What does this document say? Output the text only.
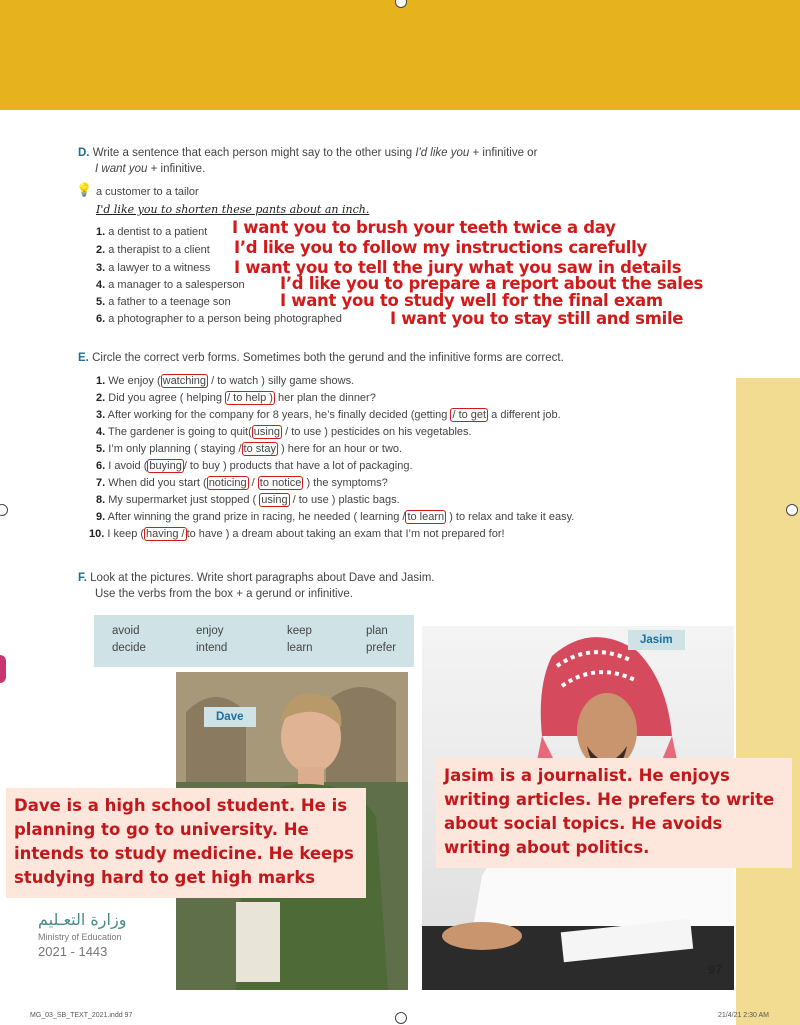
D. Write a sentence that each person might say to the other using I'd like you + infinitive or
I want you + infinitive.
💡 a customer to a tailor
I'd like you to shorten these pants about an inch.
1. a dentist to a patient I want you to brush your teeth twice a day
2. a therapist to a client I’d like you to follow my instructions carefully
3. a lawyer to a witness I want you to tell the jury what you saw in details
4. a manager to a salesperson I’d like you to prepare a report about the sales
5. a father to a teenage son	I want you to study well for the final exam
6. a photographer to a person being photographed	I want you to stay still and smile
E. Circle the correct verb forms. Sometimes both the gerund and the infinitive forms are correct.
1. We enjoy ( watching / to watch ) silly game shows.
2. Did you agree ( helping / to help ) her plan the dinner?
3. After working for the company for 8 years, he’s finally decided (getting / to get a different job.
4. The gardener is going to quit( using / to use ) pesticides on his vegetables.
5. I’m only planning ( staying / to stay ) here for an hour or two.
6. I avoid ( buying / to buy ) products that have a lot of packaging.
7. When did you start ( noticing / to notice ) the symptoms?
8. My supermarket just stopped ( using / to use ) plastic bags.
9. After winning the grand prize in racing, he needed ( learning / to learn ) to relax and take it easy.
10. I keep ( having / to have ) a dream about taking an exam that I’m not prepared for!
F. Look at the pictures. Write short paragraphs about Dave and Jasim.
Use the verbs from the box + a gerund or infinitive.
avoid	enjoy	keep	plan
decide	intend	learn	prefer
Dave
Jasim
Dave is a high school student. He is planning to go to university. He intends to study medicine. He keeps studying hard to get high marks
Jasim is a journalist. He enjoys writing articles. He prefers to write about social topics. He avoids writing about politics.
وزارة التعـليم
Ministry of Education
2021 - 1443
97
MG_03_SB_TEXT_2021.indd 97	21/4/21 2:30 AM
